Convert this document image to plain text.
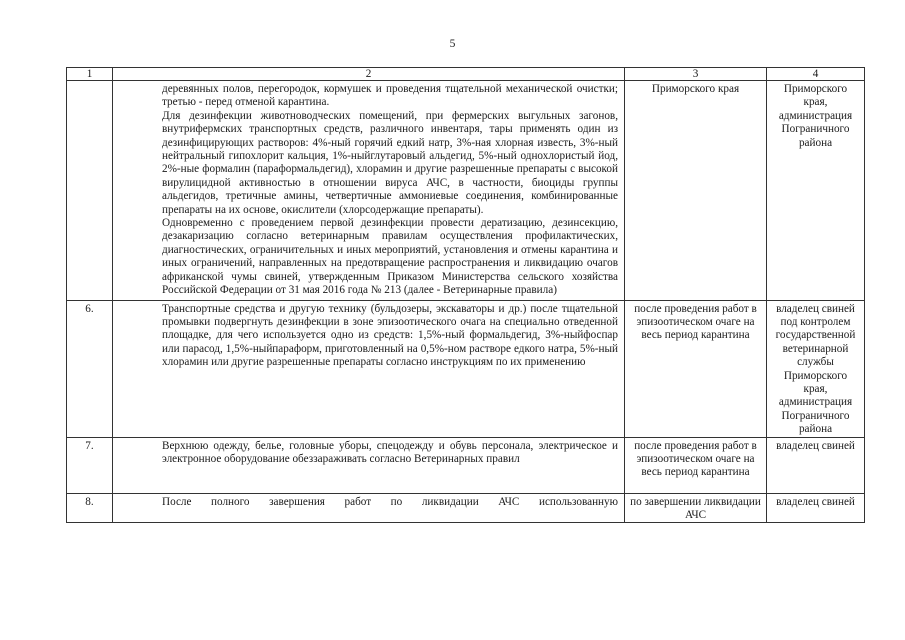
5
1	2	3	4

	деревянных полов, перегородок, кормушек и проведения тщательной механической очистки; третью - перед отменой карантина.

Для дезинфекции животноводческих помещений, при фермерских выгульных загонов, внутрифермских транспортных средств, различного инвентаря, тары применять один из дезинфицирующих растворов: 4%-ный горячий едкий натр, 3%-ная хлорная известь, 3%-ный нейтральный гипохлорит кальция, 1%-ныйглутаровый альдегид, 5%-ный однохлористый йод, 2%-ные формалин (параформальдегид), хлорамин и другие разрешенные препараты с высокой вирулицидной активностью в отношении вируса АЧС, в частности, биоциды группы альдегидов, третичные амины, четвертичные аммониевые соединения, комбинированные препараты на их основе, окислители (хлорсодержащие препараты).

Одновременно с проведением первой дезинфекции провести дератизацию, дезинсекцию, дезакаризацию согласно ветеринарным правилам осуществления профилактических, диагностических, ограничительных и иных мероприятий, установления и отмены карантина и иных ограничений, направленных на предотвращение распространения и ликвидацию очагов африканской чумы свиней, утвержденным Приказом Министерства сельского хозяйства Российской Федерации от 31 мая 2016 года № 213 (далее - Ветеринарные правила)	Приморского края	Приморского края, администрация Пограничного района
6.	Транспортные средства и другую технику (бульдозеры, экскаваторы и др.) после тщательной промывки подвергнуть дезинфекции в зоне эпизоотического очага на специально отведенной площадке, для чего используется одно из средств: 1,5%-ный формальдегид, 3%-ныйфоспар или парасод, 1,5%-ныйпараформ, приготовленный на 0,5%-ном растворе едкого натра, 5%-ный хлорамин или другие разрешенные препараты согласно инструкциям по их применению	после проведения работ в эпизоотическом очаге на весь период карантина	владелец свиней под контролем государственной ветеринарной службы Приморского края, администрация Пограничного района
7.	Верхнюю одежду, белье, головные уборы, спецодежду и обувь персонала, электрическое и электронное оборудование обеззараживать согласно Ветеринарных правил	после проведения работ в эпизоотическом очаге на весь период карантина	владелец свиней
8.	После полного завершения работ по ликвидации АЧС использованную	по завершении ликвидации АЧС	владелец свиней
